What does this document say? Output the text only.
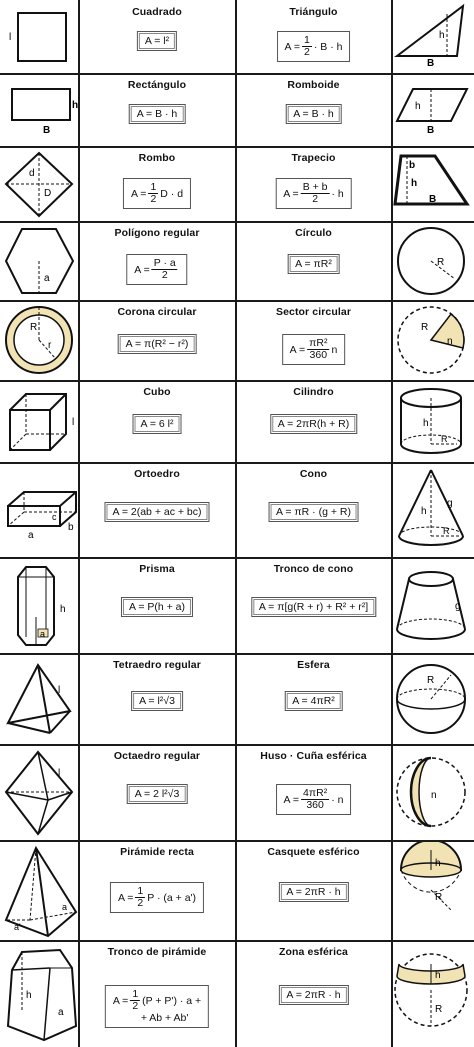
l	h
B
Cuadrado
A = l²
Triángulo
$A = \frac{1}{2} \cdot B \cdot h$
h
B
h
B
Rectángulo
A = B · h
Romboide
A = B · h
d
D
b
h
B
Rombo
$A = \frac{1}{2}$ D · d
Trapecio
$A = \frac{B + b}{2} \cdot h$
a
R
Polígono regular
$A = \frac{P \cdot a}{2}$
Círculo
A = πR²
R
r
R
n
Corona circular
A = π(R² − r²)
Sector circular
$A = \frac{\text{πR²}}{360}$ n
l	h
R
Cubo
A = 6 l²
Cilindro
A = 2πR(h + R)
a
b
c
g
h
R
Ortoedro
A = 2(ab + ac + bc)
Cono
A = πR · (g + R)
h
a
g
Prisma
A = P(h + a)
Tronco de cono
A = π[g(R + r) + R² + r²]
l
R
Tetraedro regular
A = l²√3
Esfera
A = 4πR²
l
n
Octaedro regular
A = 2 l²√3
Huso · Cuña esférica
$A = \frac{\text{4πR²}}{360} \cdot n$
a'
a
h
R
Pirámide recta
$A = \frac{1}{2}$ P · (a + a')
Casquete esférico
A = 2πR · h
h
a
h
R
Tronco de pirámide
$A = \frac{1}{2} (P + P') \cdot a$ +
+ Ab + Ab'
Zona esférica
A = 2πR · h
